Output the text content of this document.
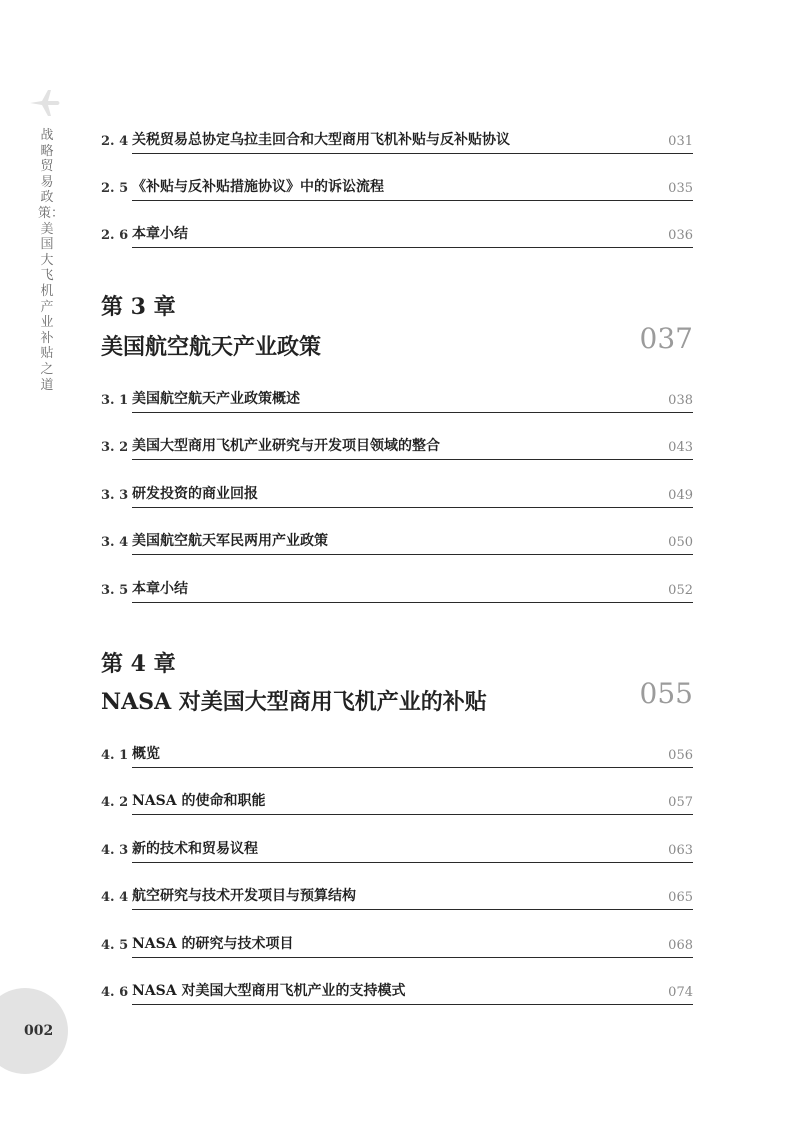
战略贸易政策：美国大飞机产业补贴之道
002
2. 4 关税贸易总协定乌拉圭回合和大型商用飞机补贴与反补贴协议	031
2. 5 《补贴与反补贴措施协议》中的诉讼流程	035
2. 6 本章小结	036
第 3 章
美国航空航天产业政策	037
3. 1 美国航空航天产业政策概述	038
3. 2 美国大型商用飞机产业研究与开发项目领域的整合	043
3. 3 研发投资的商业回报	049
3. 4 美国航空航天军民两用产业政策	050
3. 5 本章小结	052
第 4 章
NASA 对美国大型商用飞机产业的补贴	055
4. 1 概览	056
4. 2 NASA 的使命和职能	057
4. 3 新的技术和贸易议程	063
4. 4 航空研究与技术开发项目与预算结构	065
4. 5 NASA 的研究与技术项目	068
4. 6 NASA 对美国大型商用飞机产业的支持模式	074
